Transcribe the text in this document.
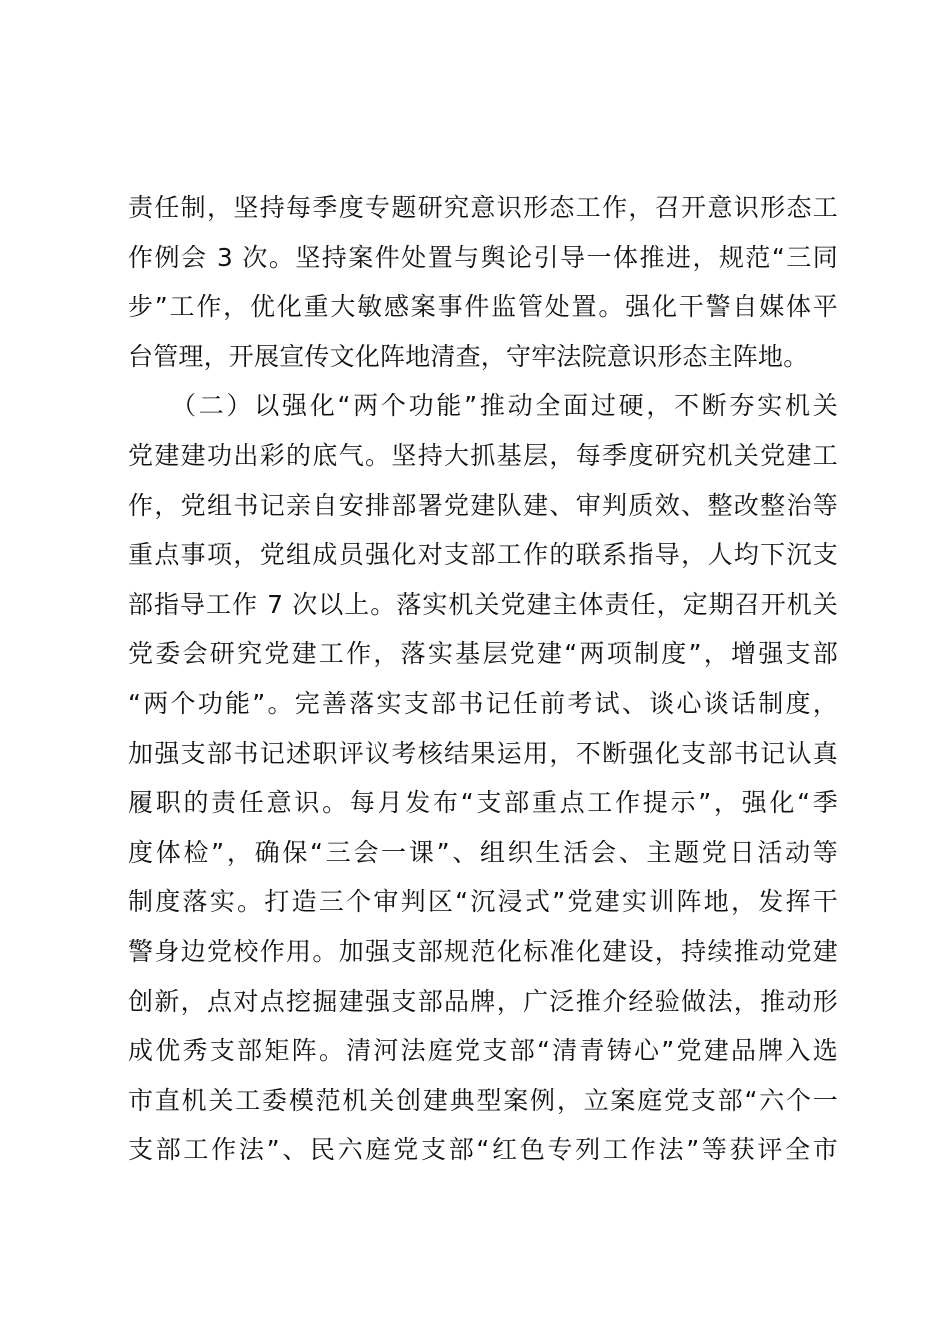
责任制，坚持每季度专题研究意识形态工作，召开意识形态工
作例会 3 次。坚持案件处置与舆论引导一体推进，规范“三同
步”工作，优化重大敏感案事件监管处置。强化干警自媒体平
台管理，开展宣传文化阵地清查，守牢法院意识形态主阵地。
　　（二）以强化“两个功能”推动全面过硬，不断夯实机关
党建建功出彩的底气。坚持大抓基层，每季度研究机关党建工
作，党组书记亲自安排部署党建队建、审判质效、整改整治等
重点事项，党组成员强化对支部工作的联系指导，人均下沉支
部指导工作 7 次以上。落实机关党建主体责任，定期召开机关
党委会研究党建工作，落实基层党建“两项制度”，增强支部
“两个功能”。完善落实支部书记任前考试、谈心谈话制度，
加强支部书记述职评议考核结果运用，不断强化支部书记认真
履职的责任意识。每月发布“支部重点工作提示”，强化“季
度体检”，确保“三会一课”、组织生活会、主题党日活动等
制度落实。打造三个审判区“沉浸式”党建实训阵地，发挥干
警身边党校作用。加强支部规范化标准化建设，持续推动党建
创新，点对点挖掘建强支部品牌，广泛推介经验做法，推动形
成优秀支部矩阵。清河法庭党支部“清青铸心”党建品牌入选
市直机关工委模范机关创建典型案例，立案庭党支部“六个一
支部工作法”、民六庭党支部“红色专列工作法”等获评全市
